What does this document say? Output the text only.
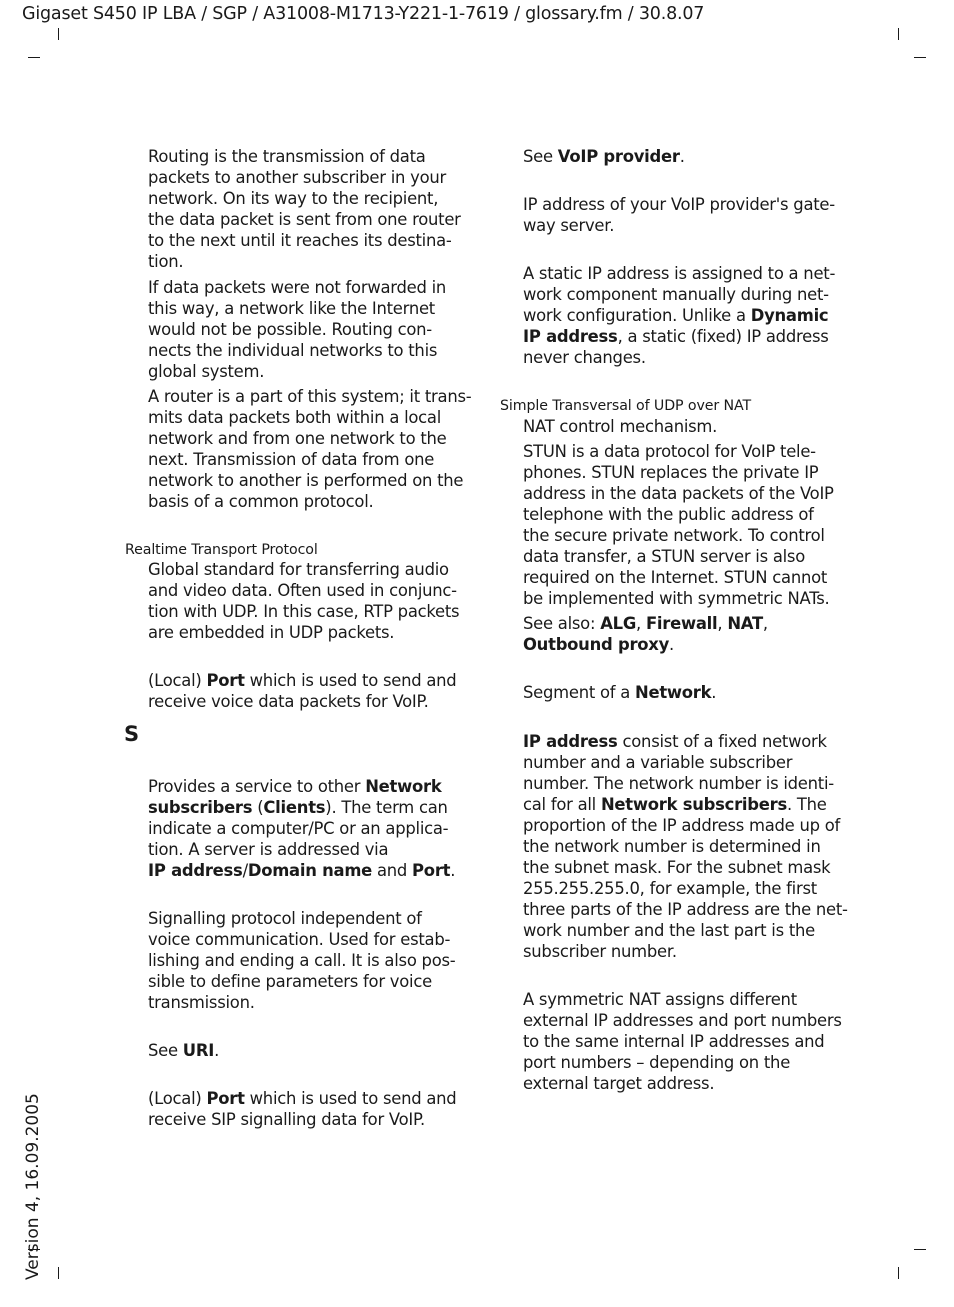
Gigaset S450 IP LBA / SGP / A31008-M1713-Y221-1-7619 / glossary.fm / 30.8.07
Version 4, 16.09.2005
Routing is the transmission of data
packets to another subscriber in your
network. On its way to the recipient,
the data packet is sent from one router
to the next until it reaches its destina-
tion.
If data packets were not forwarded in
this way, a network like the Internet
would not be possible. Routing con-
nects the individual networks to this
global system.
A router is a part of this system; it trans-
mits data packets both within a local
network and from one network to the
next. Transmission of data from one
network to another is performed on the
basis of a common protocol.
Realtime Transport Protocol
Global standard for transferring audio
and video data. Often used in conjunc-
tion with UDP. In this case, RTP packets
are embedded in UDP packets.
(Local) Port which is used to send and
receive voice data packets for VoIP.
S
Provides a service to other Network
subscribers (Clients). The term can
indicate a computer/PC or an applica-
tion. A server is addressed via
IP address/Domain name and Port.
Signalling protocol independent of
voice communication. Used for estab-
lishing and ending a call. It is also pos-
sible to define parameters for voice
transmission.
See URI.
(Local) Port which is used to send and
receive SIP signalling data for VoIP.
See VoIP provider.
IP address of your VoIP provider's gate-
way server.
A static IP address is assigned to a net-
work component manually during net-
work configuration. Unlike a Dynamic
IP address, a static (fixed) IP address
never changes.
Simple Transversal of UDP over NAT
NAT control mechanism.
STUN is a data protocol for VoIP tele-
phones. STUN replaces the private IP
address in the data packets of the VoIP
telephone with the public address of
the secure private network. To control
data transfer, a STUN server is also
required on the Internet. STUN cannot
be implemented with symmetric NATs.
See also: ALG, Firewall, NAT,
Outbound proxy.
Segment of a Network.
IP address consist of a fixed network
number and a variable subscriber
number. The network number is identi-
cal for all Network subscribers. The
proportion of the IP address made up of
the network number is determined in
the subnet mask. For the subnet mask
255.255.255.0, for example, the first
three parts of the IP address are the net-
work number and the last part is the
subscriber number.
A symmetric NAT assigns different
external IP addresses and port numbers
to the same internal IP addresses and
port numbers – depending on the
external target address.
